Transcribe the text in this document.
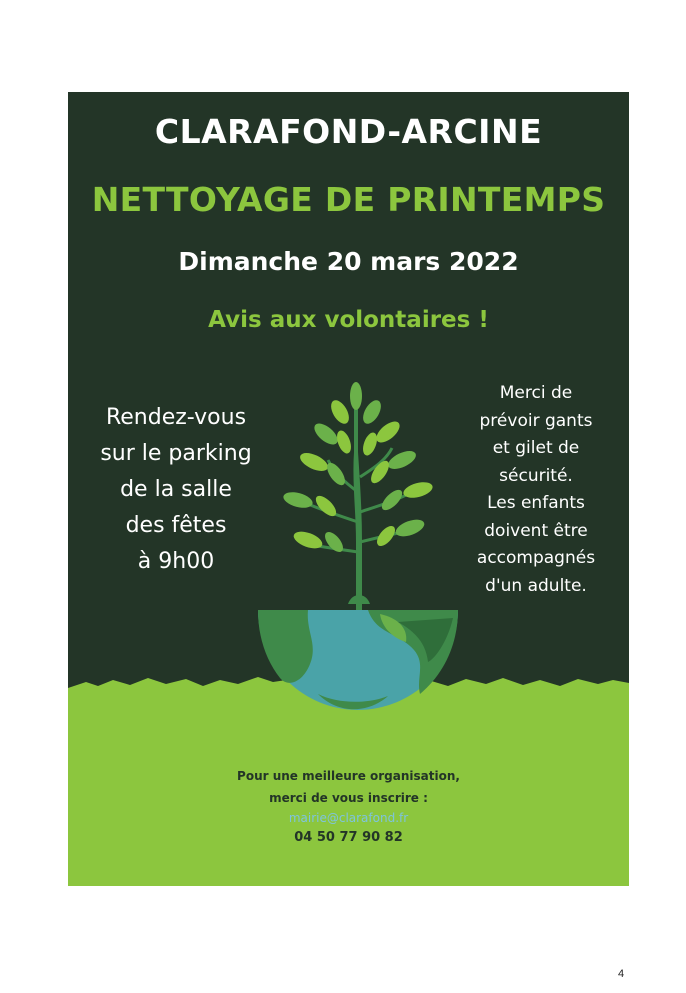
CLARAFOND-ARCINE
NETTOYAGE DE PRINTEMPS
Dimanche 20 mars 2022
Avis aux volontaires !
Rendez-vous
sur le parking
de la salle
des fêtes
à 9h00
Merci de
prévoir gants
et gilet de
sécurité.
Les enfants
doivent être
accompagnés
d'un adulte.
Pour une meilleure organisation,
merci de vous inscrire :
mairie@clarafond.fr
04 50 77 90 82
4
